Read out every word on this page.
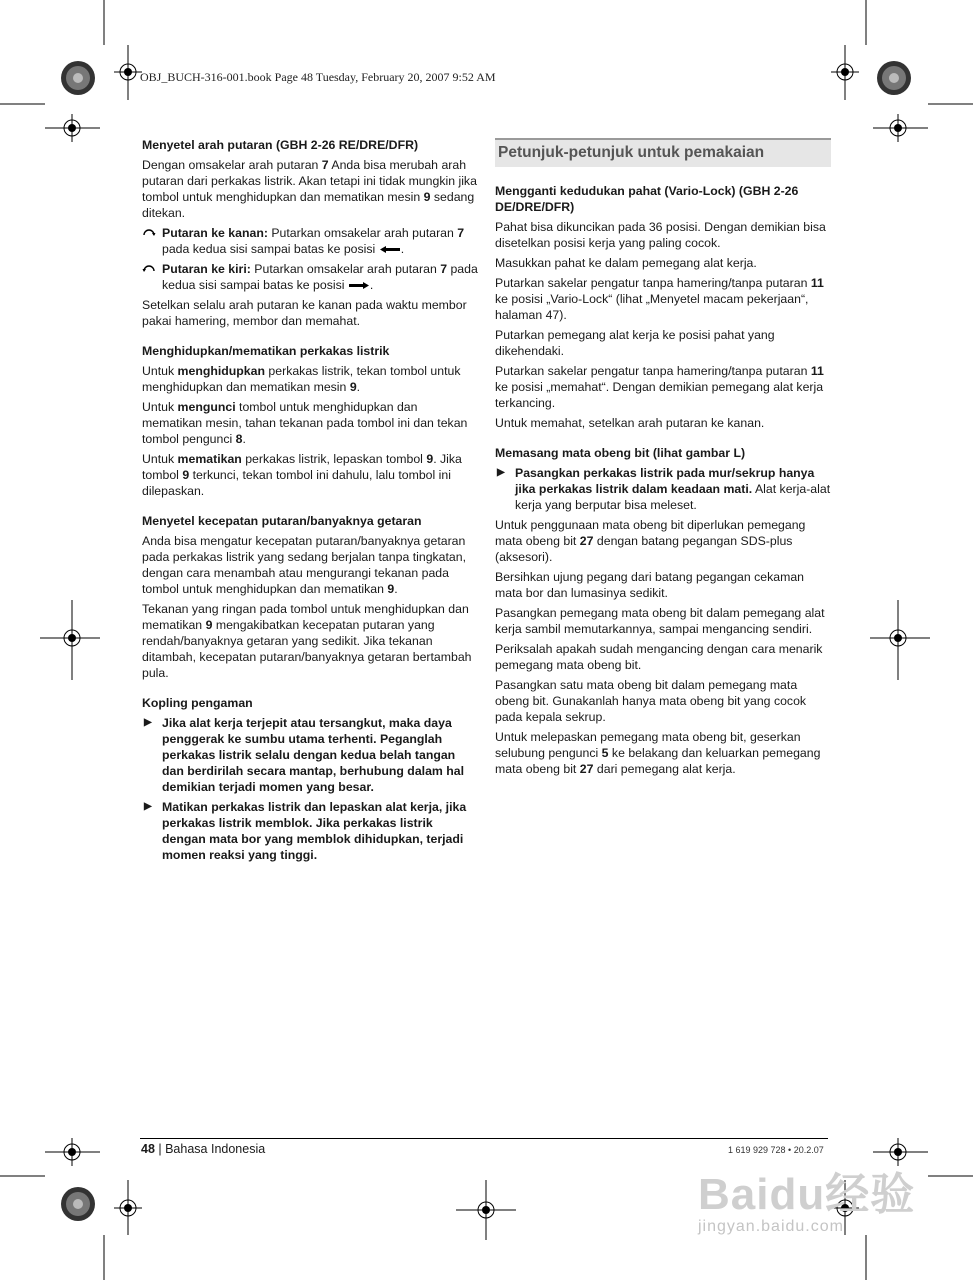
OBJ_BUCH-316-001.book Page 48 Tuesday, February 20, 2007 9:52 AM

Menyetel arah putaran (GBH 2-26 RE/DRE/DFR)

Dengan omsakelar arah putaran 7 Anda bisa merubah arah putaran dari perkakas listrik. Akan tetapi ini tidak mungkin jika tombol untuk menghidupkan dan mematikan mesin 9 sedang ditekan.

Putaran ke kanan: Putarkan omsakelar arah putaran 7 pada kedua sisi sampai batas ke posisi .

Putaran ke kiri: Putarkan omsakelar arah putaran 7 pada kedua sisi sampai batas ke posisi .

Setelkan selalu arah putaran ke kanan pada waktu membor pakai hamering, membor dan memahat.

Menghidupkan/mematikan perkakas listrik

Untuk menghidupkan perkakas listrik, tekan tombol untuk menghidupkan dan mematikan mesin 9.

Untuk mengunci tombol untuk menghidupkan dan mematikan mesin, tahan tekanan pada tombol ini dan tekan tombol pengunci 8.

Untuk mematikan perkakas listrik, lepaskan tombol 9. Jika tombol 9 terkunci, tekan tombol ini dahulu, lalu tombol ini dilepaskan.

Menyetel kecepatan putaran/banyaknya getaran

Anda bisa mengatur kecepatan putaran/banyaknya getaran pada perkakas listrik yang sedang berjalan tanpa tingkatan, dengan cara menambah atau mengurangi tekanan pada tombol untuk menghidupkan dan mematikan 9.

Tekanan yang ringan pada tombol untuk menghidupkan dan mematikan 9 mengakibatkan kecepatan putaran yang rendah/banyaknya getaran yang sedikit. Jika tekanan ditambah, kecepatan putaran/banyaknya getaran bertambah pula.

Kopling pengaman

▶ Jika alat kerja terjepit atau tersangkut, maka daya penggerak ke sumbu utama terhenti. Peganglah perkakas listrik selalu dengan kedua belah tangan dan berdirilah secara mantap, berhubung dalam hal demikian terjadi momen yang besar.

▶ Matikan perkakas listrik dan lepaskan alat kerja, jika perkakas listrik memblok. Jika perkakas listrik dengan mata bor yang memblok dihidupkan, terjadi momen reaksi yang tinggi.

Petunjuk-petunjuk untuk pemakaian

Mengganti kedudukan pahat (Vario-Lock) (GBH 2-26 DE/DRE/DFR)

Pahat bisa dikuncikan pada 36 posisi. Dengan demikian bisa disetelkan posisi kerja yang paling cocok.

Masukkan pahat ke dalam pemegang alat kerja.

Putarkan sakelar pengatur tanpa hamering/tanpa putaran 11 ke posisi „Vario-Lock“ (lihat „Menyetel macam pekerjaan“, halaman 47).

Putarkan pemegang alat kerja ke posisi pahat yang dikehendaki.

Putarkan sakelar pengatur tanpa hamering/tanpa putaran 11 ke posisi „memahat“. Dengan demikian pemegang alat kerja terkancing.

Untuk memahat, setelkan arah putaran ke kanan.

Memasang mata obeng bit (lihat gambar L)

▶ Pasangkan perkakas listrik pada mur/sekrup hanya jika perkakas listrik dalam keadaan mati. Alat kerja-alat kerja yang berputar bisa meleset.

Untuk penggunaan mata obeng bit diperlukan pemegang mata obeng bit 27 dengan batang pegangan SDS-plus (aksesori).

Bersihkan ujung pegang dari batang pegangan cekaman mata bor dan lumasinya sedikit.

Pasangkan pemegang mata obeng bit dalam pemegang alat kerja sambil memutarkannya, sampai mengancing sendiri.

Periksalah apakah sudah mengancing dengan cara menarik pemegang mata obeng bit.

Pasangkan satu mata obeng bit dalam pemegang mata obeng bit. Gunakanlah hanya mata obeng bit yang cocok pada kepala sekrup.

Untuk melepaskan pemegang mata obeng bit, geserkan selubung pengunci 5 ke belakang dan keluarkan pemegang mata obeng bit 27 dari pemegang alat kerja.

48 | Bahasa Indonesia	1 619 929 728 • 20.2.07
Baidu经验
jingyan.baidu.com
